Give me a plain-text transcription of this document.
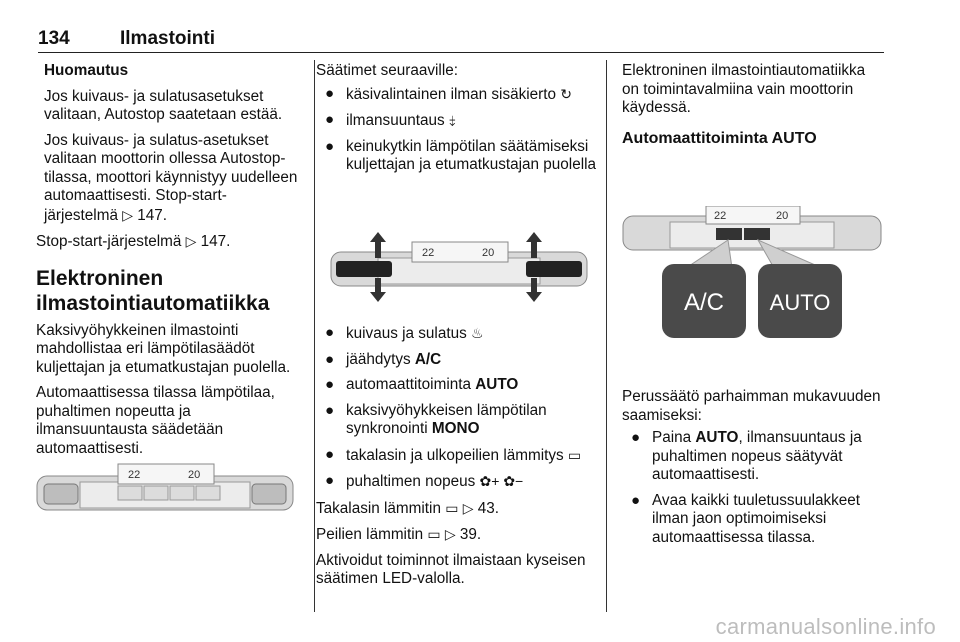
134	Ilmastointi

Huomautus

Jos kuivaus- ja sulatusasetukset valitaan, Autostop saatetaan estää.

Jos kuivaus- ja sulatus-asetukset valitaan moottorin ollessa Autostop-tilassa, moottori käynnistyy uudelleen automaattisesti. Stop-start-järjestelmä ▷ 147.

Stop-start-järjestelmä ▷ 147.

Elektroninen ilmastointiautomatiikka

Kaksivyöhykkeinen ilmastointi mahdollistaa eri lämpötilasäädöt kuljettajan ja etumatkustajan puolella.

Automaattisessa tilassa lämpötilaa, puhaltimen nopeutta ja ilmansuuntausta säädetään automaattisesti.

22	20

Säätimet seuraaville:

● käsivalintainen ilman sisäkierto ↻
● ilmansuuntaus ⤈
● keinukytkin lämpötilan säätämiseksi kuljettajan ja etumatkustajan puolella
22	20
● kuivaus ja sulatus ♨
● jäähdytys A/C
● automaattitoiminta AUTO
● kaksivyöhykkeisen lämpötilan synkronointi MONO
● takalasin ja ulkopeilien lämmitys ▭
● puhaltimen nopeus ✿+ ✿−

Takalasin lämmitin ▭ ▷ 43.

Peilien lämmitin ▭ ▷ 39.

Aktivoidut toiminnot ilmaistaan kyseisen säätimen LED-valolla.

Elektroninen ilmastointiautomatiikka on toimintavalmiina vain moottorin käydessä.

Automaattitoiminta AUTO
22	20
A/C AUTO

Perussäätö parhaimman mukavuuden saamiseksi:

● Paina AUTO, ilmansuuntaus ja puhaltimen nopeus säätyvät automaattisesti.
● Avaa kaikki tuuletussuulakkeet ilman jaon optimoimiseksi automaattisessa tilassa.
carmanualsonline.info
